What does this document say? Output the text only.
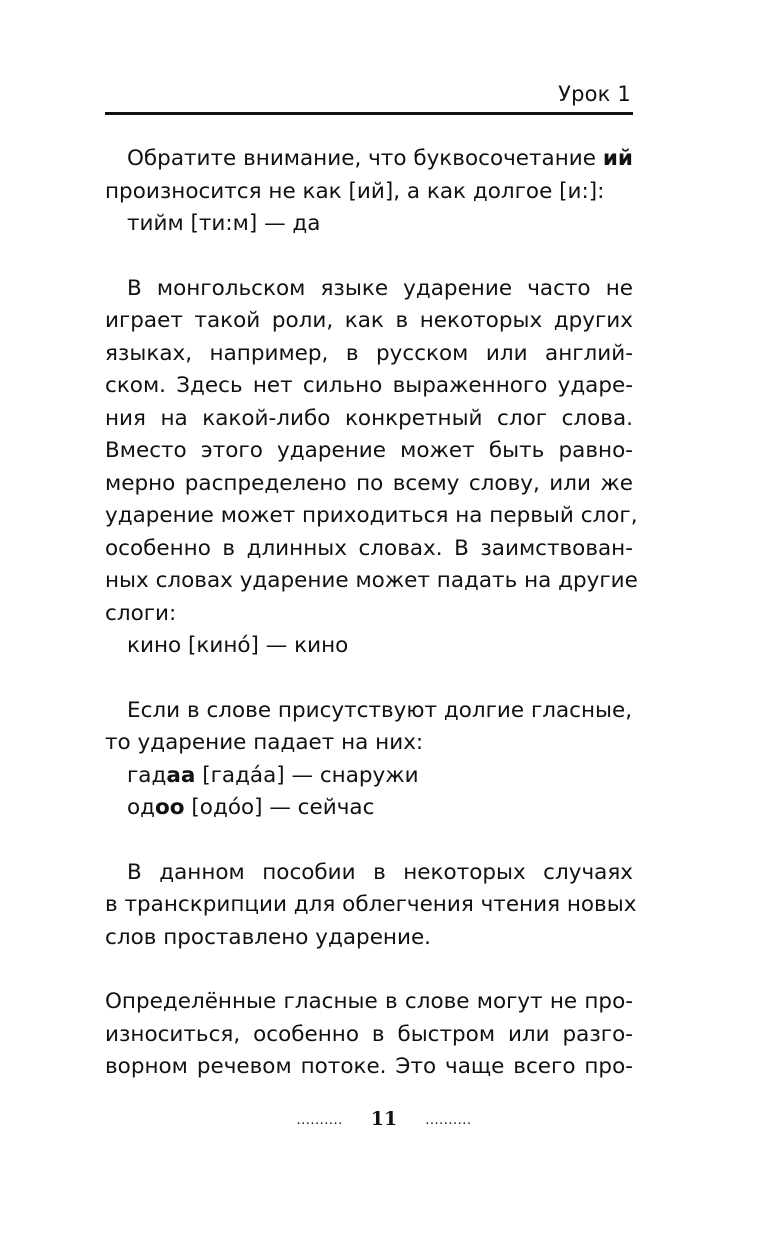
Урок 1
Обратите внимание, что буквосочетание ий
произносится не как [ий], а как долгое [и:]:
тийм [ти:м] — да
В монгольском языке ударение часто не
играет такой роли, как в некоторых других
языках, например, в русском или англий-
ском. Здесь нет сильно выраженного ударе-
ния на какой-либо конкретный слог слова.
Вместо этого ударение может быть равно-
мерно распределено по всему слову, или же
ударение может приходиться на первый слог,
особенно в длинных словах. В заимствован-
ных словах ударение может падать на другие
слоги:
кино [кинó] — кино
Если в слове присутствуют долгие гласные,
то ударение падает на них:
гадаа [гадáа] — снаружи
одоо [одóо] — сейчас
В данном пособии в некоторых случаях
в транскрипции для облегчения чтения новых
слов проставлено ударение.
Определённые гласные в слове могут не про-
износиться, особенно в быстром или разго-
ворном речевом потоке. Это чаще всего про-
.......... 11 ..........
